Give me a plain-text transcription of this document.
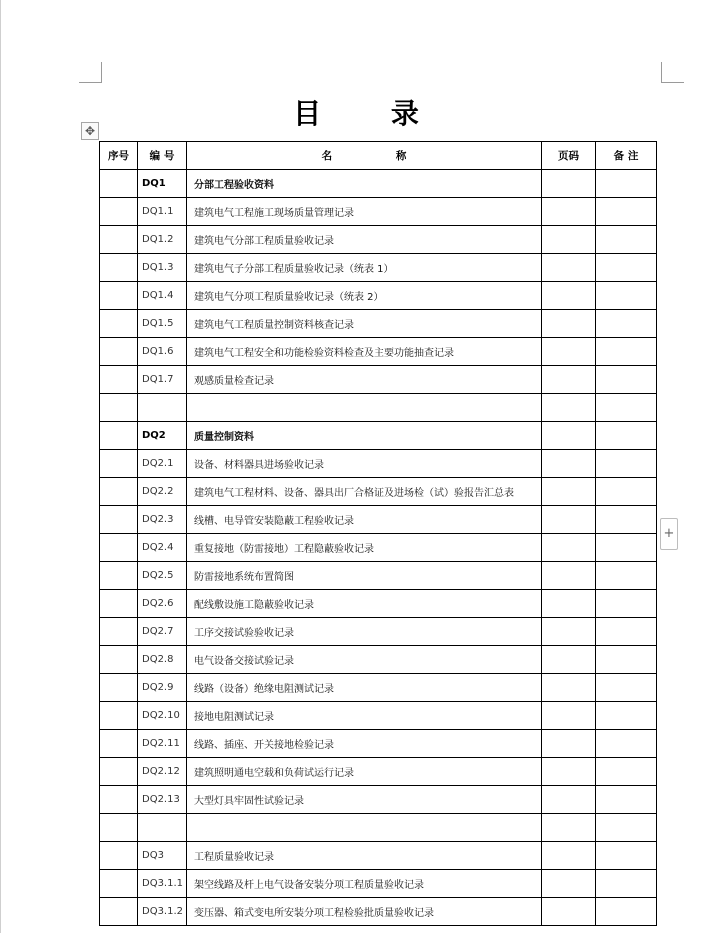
目 录
✥
+
序号	编 号	名 称	页码	备 注
	DQ1	分部工程验收资料		
	DQ1.1	建筑电气工程施工现场质量管理记录		
	DQ1.2	建筑电气分部工程质量验收记录		
	DQ1.3	建筑电气子分部工程质量验收记录（统表 1）		
	DQ1.4	建筑电气分项工程质量验收记录（统表 2）		
	DQ1.5	建筑电气工程质量控制资料核查记录		
	DQ1.6	建筑电气工程安全和功能检验资料检查及主要功能抽查记录		
	DQ1.7	观感质量检查记录		

	DQ2	质量控制资料		
	DQ2.1	设备、材料器具进场验收记录		
	DQ2.2	建筑电气工程材料、设备、器具出厂合格证及进场检（试）验报告汇总表		
	DQ2.3	线槽、电导管安装隐蔽工程验收记录		
	DQ2.4	重复接地（防雷接地）工程隐蔽验收记录		
	DQ2.5	防雷接地系统布置简图		
	DQ2.6	配线敷设施工隐蔽验收记录		
	DQ2.7	工序交接试验验收记录		
	DQ2.8	电气设备交接试验记录		
	DQ2.9	线路（设备）绝缘电阻测试记录		
	DQ2.10	接地电阻测试记录		
	DQ2.11	线路、插座、开关接地检验记录		
	DQ2.12	建筑照明通电空载和负荷试运行记录		
	DQ2.13	大型灯具牢固性试验记录		

	DQ3	工程质量验收记录		
	DQ3.1.1	架空线路及杆上电气设备安装分项工程质量验收记录		
	DQ3.1.2	变压器、箱式变电所安装分项工程检验批质量验收记录		
